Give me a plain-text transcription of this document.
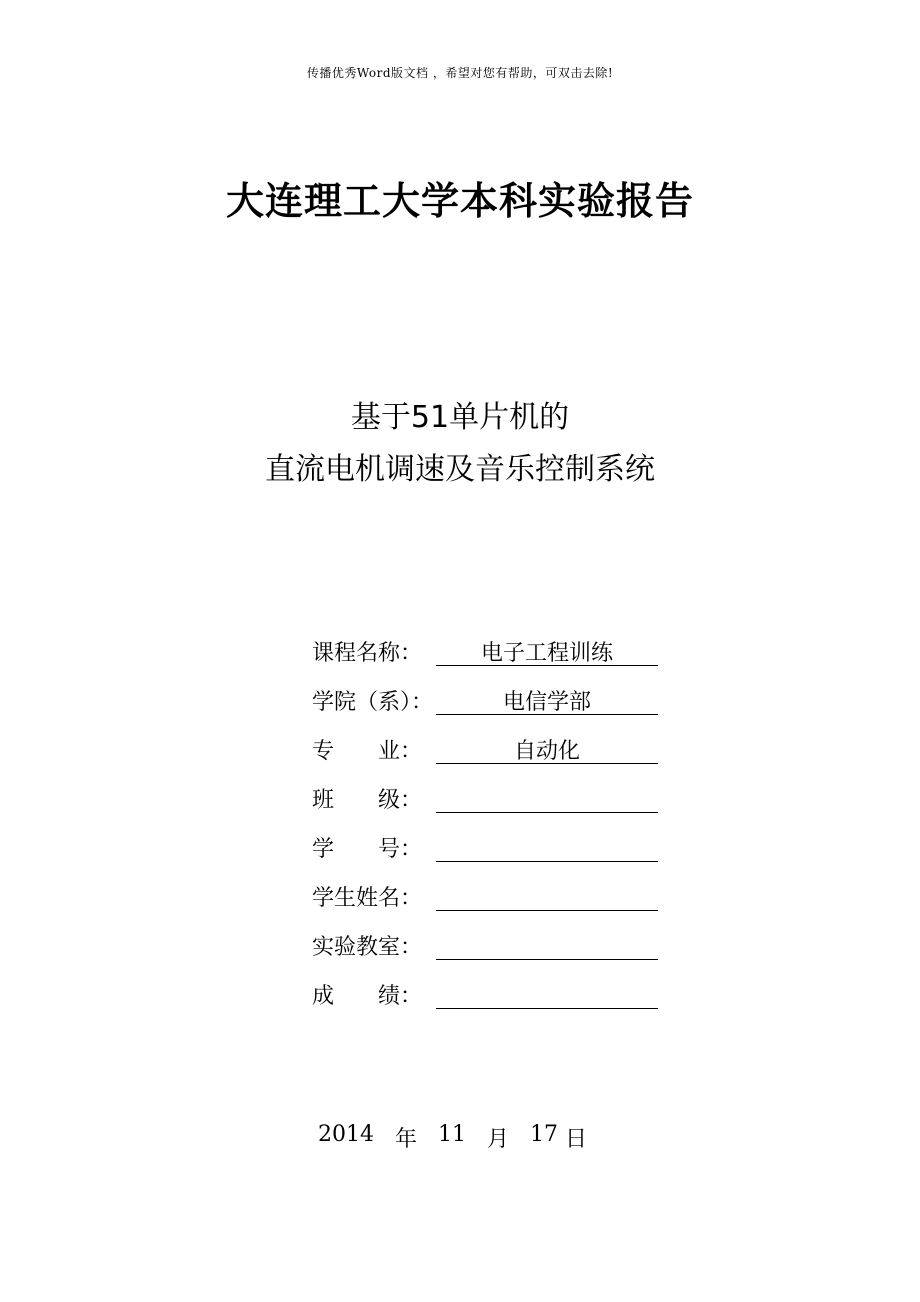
传播优秀Word版文档 ，希望对您有帮助，可双击去除!
大连理工大学本科实验报告
基于51单片机的
直流电机调速及音乐控制系统
课程名称：	电子工程训练
学院（系）：	电信学部
专　　业：	自动化
班　　级：
学　　号：
学生姓名：
实验教室：
成　　绩：
2014
年
11
月
17
日
